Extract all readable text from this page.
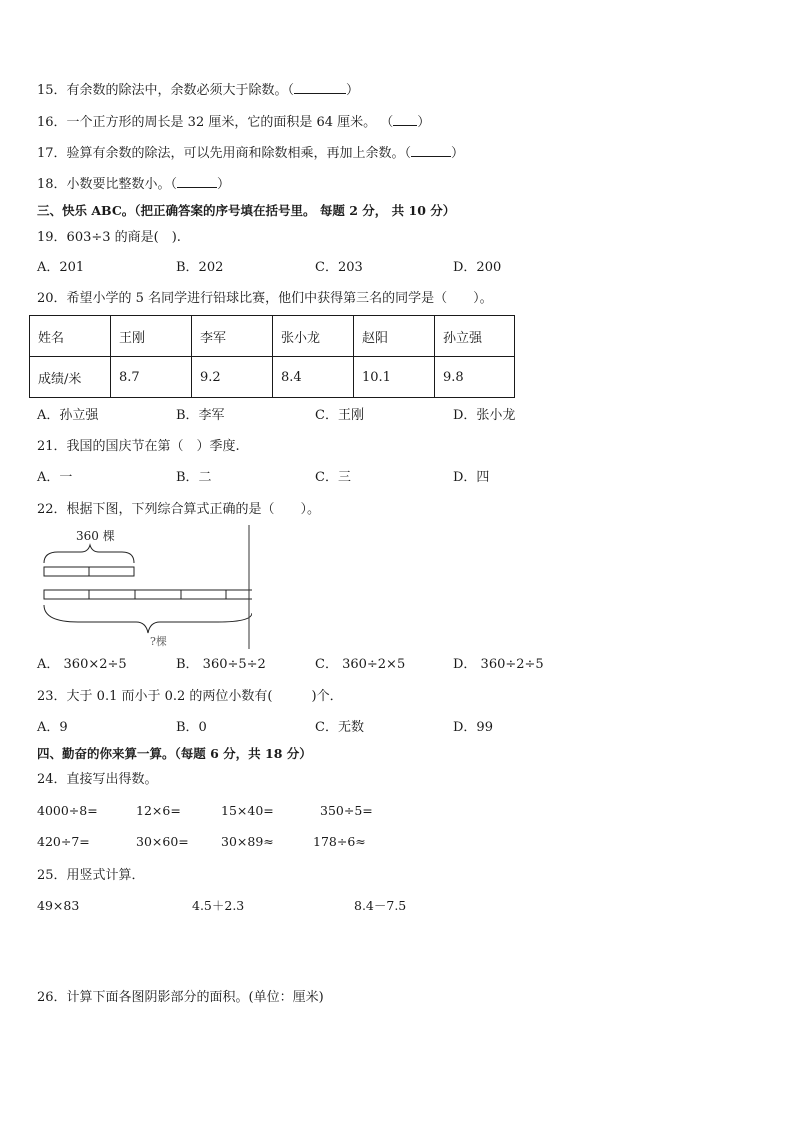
15．有余数的除法中，余数必须大于除数。（	）
16．一个正方形的周长是 32 厘米，它的面积是 64 厘米。 （ ）
17．验算有余数的除法，可以先用商和除数相乘，再加上余数。（	）
18．小数要比整数小。（	）
三、快乐 ABC。（把正确答案的序号填在括号里。 每题 2 分， 共 10 分）
19．603÷3 的商是(　).
A．201	B．202	C．203	D．200
20．希望小学的 5 名同学进行铅球比赛，他们中获得第三名的同学是（　　）。
姓名	王刚	李军	张小龙	赵阳	孙立强
成绩/米	8.7	9.2	8.4	10.1	9.8
A．孙立强	B．李军	C．王刚	D．张小龙
21．我国的国庆节在第（　）季度.
A．一	B．二	C．三	D．四
22．根据下图，下列综合算式正确的是（　　）。
360 棵
?棵
A． 360×2÷5	B． 360÷5÷2	C． 360÷2×5	D． 360÷2÷5
23．大于 0.1 而小于 0.2 的两位小数有(　　　)个．
A．9	B．0	C．无数	D．99
四、勤奋的你来算一算。（每题 6 分，共 18 分）
24．直接写出得数。
4000÷8=	12×6=	15×40=	350÷5=
420÷7=	30×60=	30×89≈	178÷6≈
25．用竖式计算．
49×83	4.5＋2.3	8.4－7.5
26．计算下面各图阴影部分的面积。(单位：厘米)
